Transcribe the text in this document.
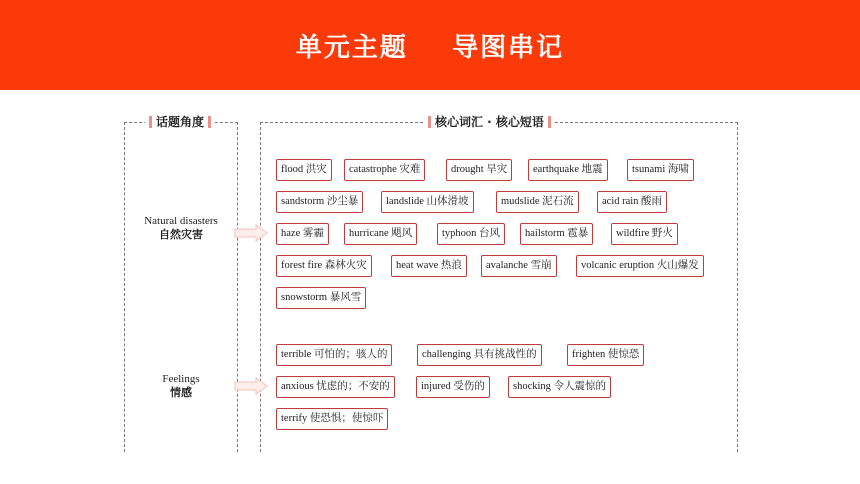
单元主题    导图串记
话题角度	核心词汇 · 核心短语
Natural disasters
自然灾害
Feelings
情感
flood 洪灾	catastrophe 灾难	drought 旱灾	earthquake 地震	tsunami 海啸
sandstorm 沙尘暴	landslide 山体滑坡	mudslide 泥石流	acid rain 酸雨
haze 雾霾	hurricane 飓风	typhoon 台风	hailstorm 雹暴	wildfire 野火
forest fire 森林火灾	heat wave 热浪	avalanche 雪崩	volcanic eruption 火山爆发
snowstorm 暴风雪
terrible 可怕的；骇人的	challenging 具有挑战性的	frighten 使惊恐
anxious 忧虑的；不安的	injured 受伤的	shocking 令人震惊的
terrify 使恐惧；使惊吓
